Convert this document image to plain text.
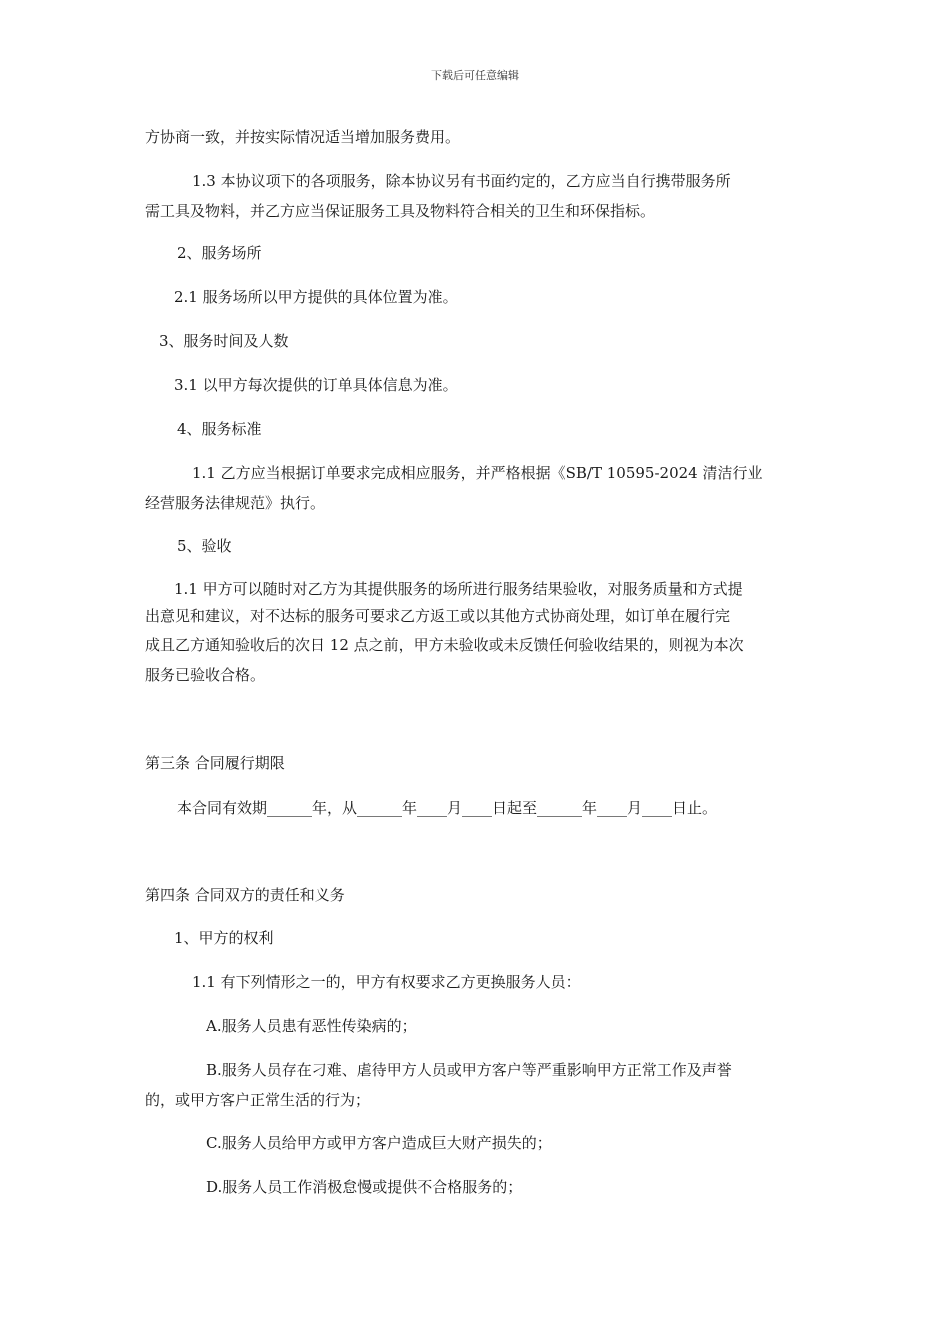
下载后可任意编辑
方协商一致，并按实际情况适当增加服务费用。
1.3 本协议项下的各项服务，除本协议另有书面约定的，乙方应当自行携带服务所
需工具及物料，并乙方应当保证服务工具及物料符合相关的卫生和环保指标。
2、服务场所
2.1 服务场所以甲方提供的具体位置为准。
3、服务时间及人数
3.1 以甲方每次提供的订单具体信息为准。
4、服务标准
1.1 乙方应当根据订单要求完成相应服务，并严格根据《SB/T 10595-2024 清洁行业
经营服务法律规范》执行。
5、验收
1.1 甲方可以随时对乙方为其提供服务的场所进行服务结果验收，对服务质量和方式提
出意见和建议，对不达标的服务可要求乙方返工或以其他方式协商处理，如订单在履行完
成且乙方通知验收后的次日 12 点之前，甲方未验收或未反馈任何验收结果的，则视为本次
服务已验收合格。
第三条 合同履行期限
本合同有效期______年，从______年____月____日起至______年____月____日止。
第四条 合同双方的责任和义务
1、甲方的权利
1.1 有下列情形之一的，甲方有权要求乙方更换服务人员：
A.服务人员患有恶性传染病的；
B.服务人员存在刁难、虐待甲方人员或甲方客户等严重影响甲方正常工作及声誉
的，或甲方客户正常生活的行为；
C.服务人员给甲方或甲方客户造成巨大财产损失的；
D.服务人员工作消极怠慢或提供不合格服务的；
